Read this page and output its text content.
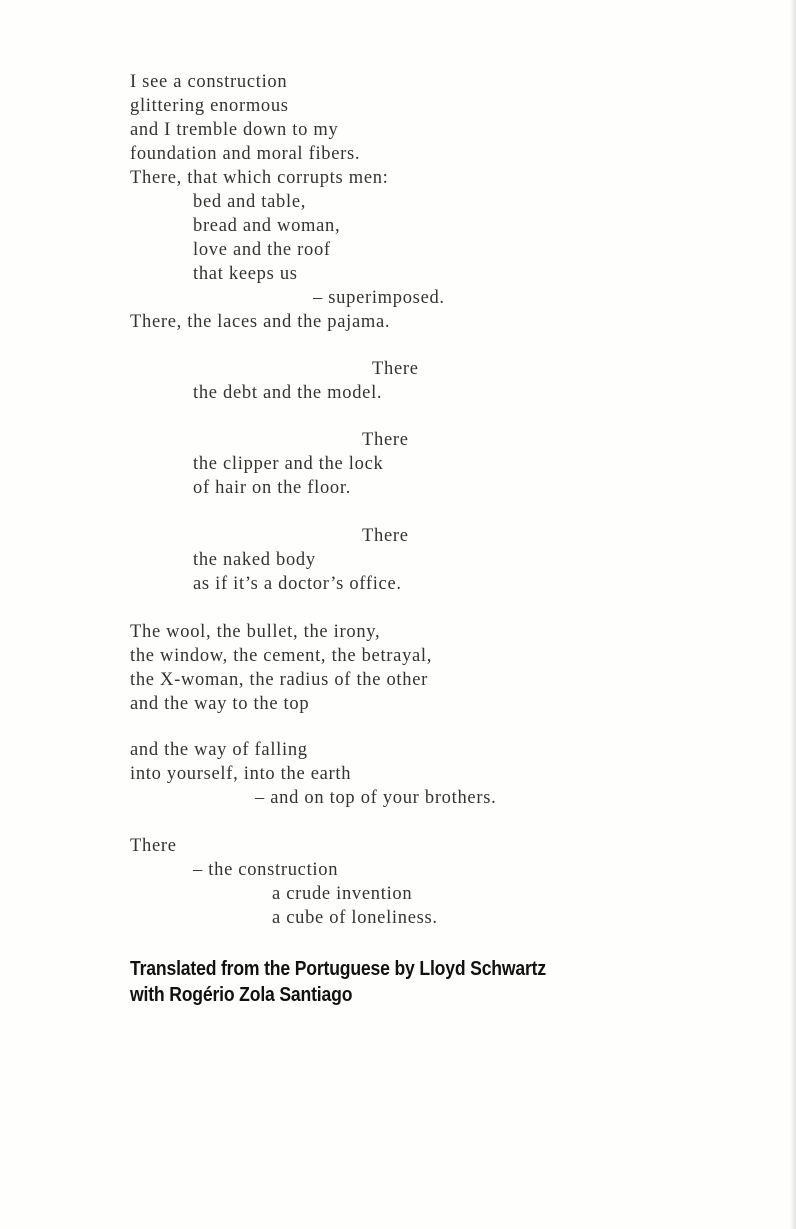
I see a construction
glittering enormous
and I tremble down to my
foundation and moral fibers.
There, that which corrupts men:
bed and table,
bread and woman,
love and the roof
that keeps us
– superimposed.
There, the laces and the pajama.
There
the debt and the model.
There
the clipper and the lock
of hair on the floor.
There
the naked body
as if it’s a doctor’s office.
The wool, the bullet, the irony,
the window, the cement, the betrayal,
the X-woman, the radius of the other
and the way to the top
and the way of falling
into yourself, into the earth
– and on top of your brothers.
There
– the construction
a crude invention
a cube of loneliness.
Translated from the Portuguese by Lloyd Schwartz
with Rogério Zola Santiago
